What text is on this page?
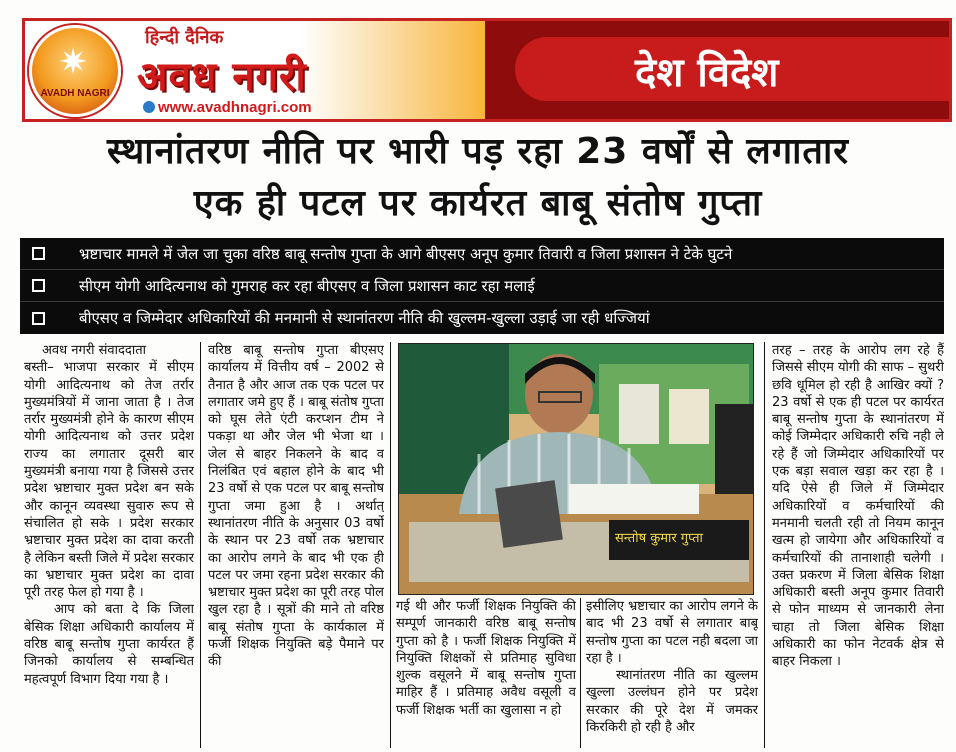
✷
AVADH NAGRI
हिन्दी दैनिक
अवध नगरी
www.avadhnagri.com
देश विदेश
स्थानांतरण नीति पर भारी पड़ रहा 23 वर्षों से लगातार
एक ही पटल पर कार्यरत बाबू संतोष गुप्ता
भ्रष्टाचार मामले में जेल जा चुका वरिष्ठ बाबू सन्तोष गुप्ता के आगे बीएसए अनूप कुमार तिवारी व जिला प्रशासन ने टेके घुटने
सीएम योगी आदित्यनाथ को गुमराह कर रहा बीएसए व जिला प्रशासन काट रहा मलाई
बीएसए व जिम्मेदार अधिकारियों की मनमानी से स्थानांतरण नीति की खुल्लम-खुल्ला उड़ाई जा रही धज्जियां
अवध नगरी संवाददाता

बस्ती– भाजपा सरकार में सीएम योगी आदित्यनाथ को तेज तर्रार मुख्यमंत्रियों में जाना जाता है । तेज तर्रार मुख्यमंत्री होने के कारण सीएम योगी आदित्यनाथ को उत्तर प्रदेश राज्य का लगातार दूसरी बार मुख्यमंत्री बनाया गया है जिससे उत्तर प्रदेश भ्रष्टाचार मुक्त प्रदेश बन सके और कानून व्यवस्था सुवारु रूप से संचालित हो सके । प्रदेश सरकार भ्रष्टाचार मुक्त प्रदेश का दावा करती है लेकिन बस्ती जिले में प्रदेश सरकार का भ्रष्टाचार मुक्त प्रदेश का दावा पूरी तरह फेल हो गया है ।

आप को बता दे कि जिला बेसिक शिक्षा अधिकारी कार्यालय में वरिष्ठ बाबू सन्तोष गुप्ता कार्यरत हैं जिनको कार्यालय से सम्बन्धित महत्वपूर्ण विभाग दिया गया है ।

वरिष्ठ बाबू सन्तोष गुप्ता बीएसए कार्यालय में वित्तीय वर्ष – 2002 से तैनात है और आज तक एक पटल पर लगातार जमे हुए हैं । बाबू संतोष गुप्ता को घूस लेते एंटी करप्शन टीम ने पकड़ा था और जेल भी भेजा था । जेल से बाहर निकलने के बाद व निलंबित एवं बहाल होने के बाद भी 23 वर्षो से एक पटल पर बाबू सन्तोष गुप्ता जमा हुआ है । अर्थात् स्थानांतरण नीति के अनुसार 03 वर्षो के स्थान पर 23 वर्षो तक भ्रष्टाचार का आरोप लगने के बाद भी एक ही पटल पर जमा रहना प्रदेश सरकार की भ्रष्टाचार मुक्त प्रदेश का पूरी तरह पोल खुल रहा है । सूत्रों की माने तो वरिष्ठ बाबू संतोष गुप्ता के कार्यकाल में फर्जी शिक्षक नियुक्ति बड़े पैमाने पर की

सन्तोष कुमार गुप्ता

गई थी और फर्जी शिक्षक नियुक्ति की सम्पूर्ण जानकारी वरिष्ठ बाबू सन्तोष गुप्ता को है । फर्जी शिक्षक नियुक्ति में नियुक्ति शिक्षकों से प्रतिमाह सुविधा शुल्क वसूलने में बाबू सन्तोष गुप्ता माहिर हैं । प्रतिमाह अवैध वसूली व फर्जी शिक्षक भर्ती का खुलासा न हो

इसीलिए भ्रष्टाचार का आरोप लगने के बाद भी 23 वर्षो से लगातार बाबू सन्तोष गुप्ता का पटल नही बदला जा रहा है ।

स्थानांतरण नीति का खुल्लम खुल्ला उल्लंघन होने पर प्रदेश सरकार की पूरे देश में जमकर किरकिरी हो रही है और

तरह – तरह के आरोप लग रहे हैं जिससे सीएम योगी की साफ – सुथरी छवि धूमिल हो रही है आखिर क्यों ? 23 वर्षो से एक ही पटल पर कार्यरत बाबू सन्तोष गुप्ता के स्थानांतरण में कोई जिम्मेदार अधिकारी रुचि नही ले रहे हैं जो जिम्मेदार अधिकारियों पर एक बड़ा सवाल खड़ा कर रहा है । यदि ऐसे ही जिले में जिम्मेदार अधिकारियों व कर्मचारियों की मनमानी चलती रही तो नियम कानून खत्म हो जायेगा और अधिकारियों व कर्मचारियों की तानाशाही चलेगी । उक्त प्रकरण में जिला बेसिक शिक्षा अधिकारी बस्ती अनूप कुमार तिवारी से फोन माध्यम से जानकारी लेना चाहा तो जिला बेसिक शिक्षा अधिकारी का फोन नेटवर्क क्षेत्र से बाहर निकला ।
